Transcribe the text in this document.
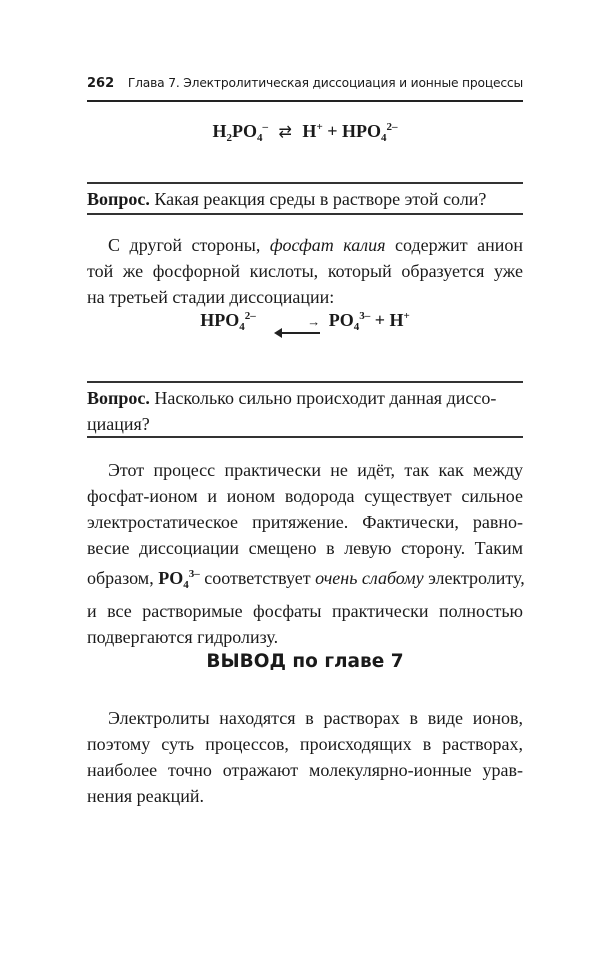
262 Глава 7. Электролитическая диссоциация и ионные процессы
$H_2PO_4^-$ ⇄ $H^+ + HPO_4^{2-}$
Вопрос. Какая реакция среды в растворе этой соли?
С другой стороны, фосфат калия содержит анион
той же фосфорной кислоты, который образуется уже
на третьей стадии диссоциации:
$HPO_4^{2-}$	→ $PO_4^{3-} + H^+$
Вопрос. Насколько сильно происходит данная диссо-
циация?
Этот процесс практически не идёт, так как между
фосфат-ионом и ионом водорода существует сильное
электростатическое притяжение. Фактически, равно-
весие диссоциации смещено в левую сторону. Таким
образом, $PO_4^{3-}$ соответствует очень слабому электролиту,
и все растворимые фосфаты практически полностью
подвергаются гидролизу.
ВЫВОД по главе 7
Электролиты находятся в растворах в виде ионов,
поэтому суть процессов, происходящих в растворах,
наиболее точно отражают молекулярно-ионные урав-
нения реакций.
